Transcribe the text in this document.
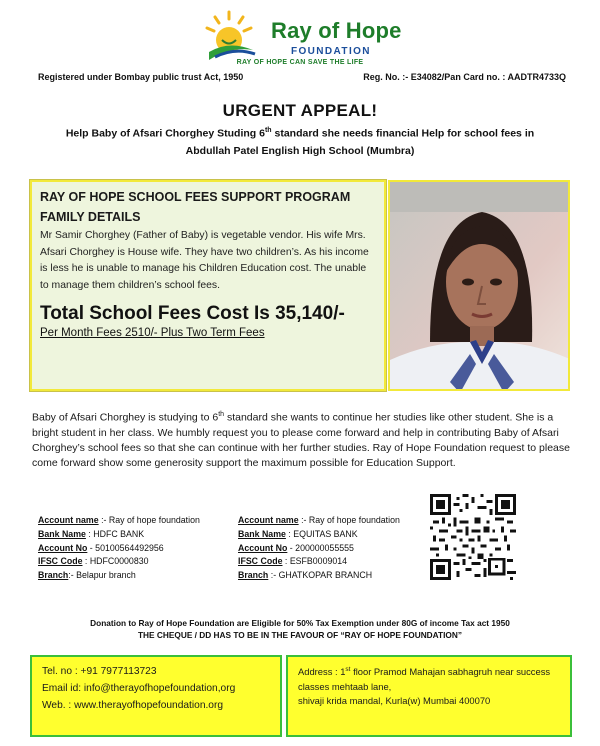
Ray of Hope
FOUNDATION
RAY OF HOPE CAN SAVE THE LIFE
Registered under Bombay public trust Act, 1950	Reg. No. :- E34082/Pan Card no. : AADTR4733Q
URGENT APPEAL!
Help Baby of Afsari Chorghey Studing 6th standard she needs financial Help for school fees in
Abdullah Patel English High School (Mumbra)
RAY OF HOPE SCHOOL FEES SUPPORT PROGRAM
FAMILY DETAILS
Mr Samir Chorghey (Father of Baby) is vegetable vendor. His wife Mrs. Afsari Chorghey is House wife. They have two children’s. As his income is less he is unable to manage his Children Education cost. The unable to manage them children’s school fees.
Total School Fees Cost Is 35,140/-
Per Month Fees 2510/- Plus Two Term Fees
Baby of Afsari Chorghey is studying to 6th standard she wants to continue her studies like other student. She is a bright student in her class. We humbly request you to please come forward and help in contributing Baby of Afsari Chorghey’s school fees so that she can continue with her further studies. Ray of Hope Foundation request to please come forward show some generosity support the maximum possible for Education Support.
Account name :- Ray of hope foundation
Bank Name : HDFC BANK
Account No - 50100564492956
IFSC Code : HDFC0000830
Branch:- Belapur branch
Account name :- Ray of hope foundation
Bank Name : EQUITAS BANK
Account No - 200000055555
IFSC Code : ESFB0009014
Branch :- GHATKOPAR BRANCH
Donation to Ray of Hope Foundation are Eligible for 50% Tax Exemption under 80G of income Tax act 1950
THE CHEQUE / DD HAS TO BE IN THE FAVOUR OF “RAY OF HOPE FOUNDATION”
Tel. no : +91 7977113723
Email id: info@therayofhopefoundation,org
Web. : www.therayofhopefoundation.org
Address : 1st floor Pramod Mahajan sabhagruh near success
classes mehtaab lane,
shivaji krida mandal, Kurla(w) Mumbai 400070
